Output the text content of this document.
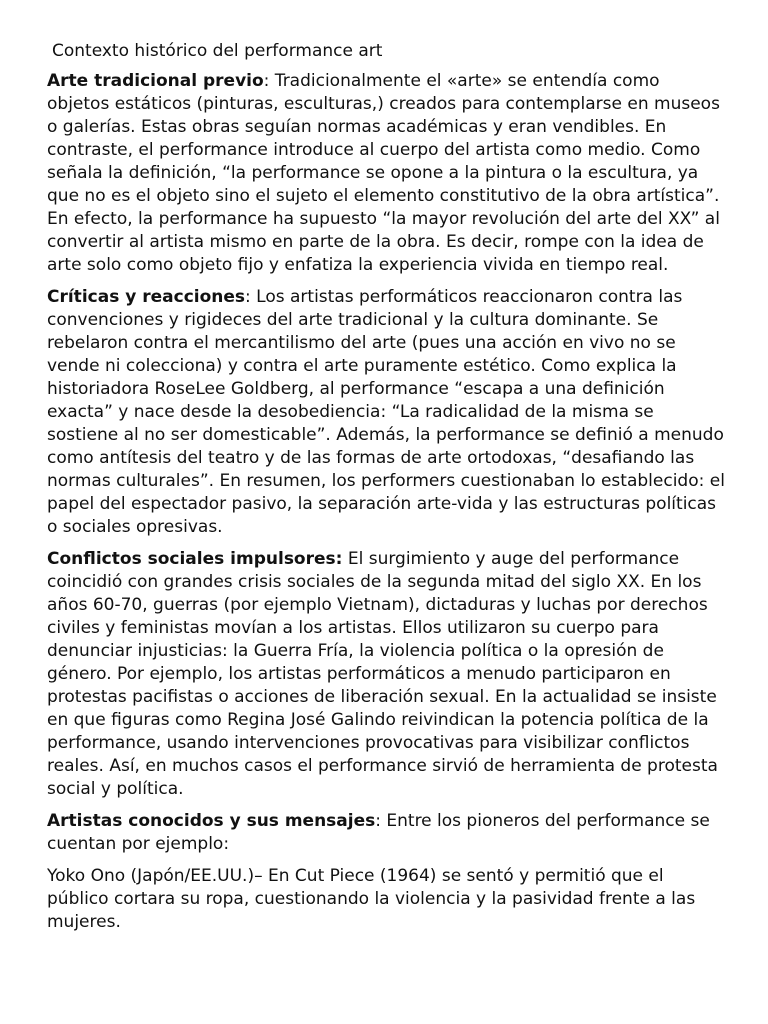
Contexto histórico del performance art

Arte tradicional previo: Tradicionalmente el «arte» se entendía como objetos estáticos (pinturas, esculturas,) creados para contemplarse en museos o galerías. Estas obras seguían normas académicas y eran vendibles. En contraste, el performance introduce al cuerpo del artista como medio. Como señala la definición, “la performance se opone a la pintura o la escultura, ya que no es el objeto sino el sujeto el elemento constitutivo de la obra artística”. En efecto, la performance ha supuesto “la mayor revolución del arte del XX” al convertir al artista mismo en parte de la obra. Es decir, rompe con la idea de arte solo como objeto fijo y enfatiza la experiencia vivida en tiempo real.

Críticas y reacciones: Los artistas performáticos reaccionaron contra las convenciones y rigideces del arte tradicional y la cultura dominante. Se rebelaron contra el mercantilismo del arte (pues una acción en vivo no se vende ni colecciona) y contra el arte puramente estético. Como explica la historiadora RoseLee Goldberg, al performance “escapa a una definición exacta” y nace desde la desobediencia: “La radicalidad de la misma se sostiene al no ser domesticable”. Además, la performance se definió a menudo como antítesis del teatro y de las formas de arte ortodoxas, “desafiando las normas culturales”. En resumen, los performers cuestionaban lo establecido: el papel del espectador pasivo, la separación arte-vida y las estructuras políticas o sociales opresivas.

Conflictos sociales impulsores: El surgimiento y auge del performance coincidió con grandes crisis sociales de la segunda mitad del siglo XX. En los años 60-70, guerras (por ejemplo Vietnam), dictaduras y luchas por derechos civiles y feministas movían a los artistas. Ellos utilizaron su cuerpo para denunciar injusticias: la Guerra Fría, la violencia política o la opresión de género. Por ejemplo, los artistas performáticos a menudo participaron en protestas pacifistas o acciones de liberación sexual. En la actualidad se insiste en que figuras como Regina José Galindo reivindican la potencia política de la performance, usando intervenciones provocativas para visibilizar conflictos reales. Así, en muchos casos el performance sirvió de herramienta de protesta social y política.

Artistas conocidos y sus mensajes: Entre los pioneros del performance se cuentan por ejemplo:

Yoko Ono (Japón/EE.UU.)– En Cut Piece (1964) se sentó y permitió que el público cortara su ropa, cuestionando la violencia y la pasividad frente a las mujeres.
